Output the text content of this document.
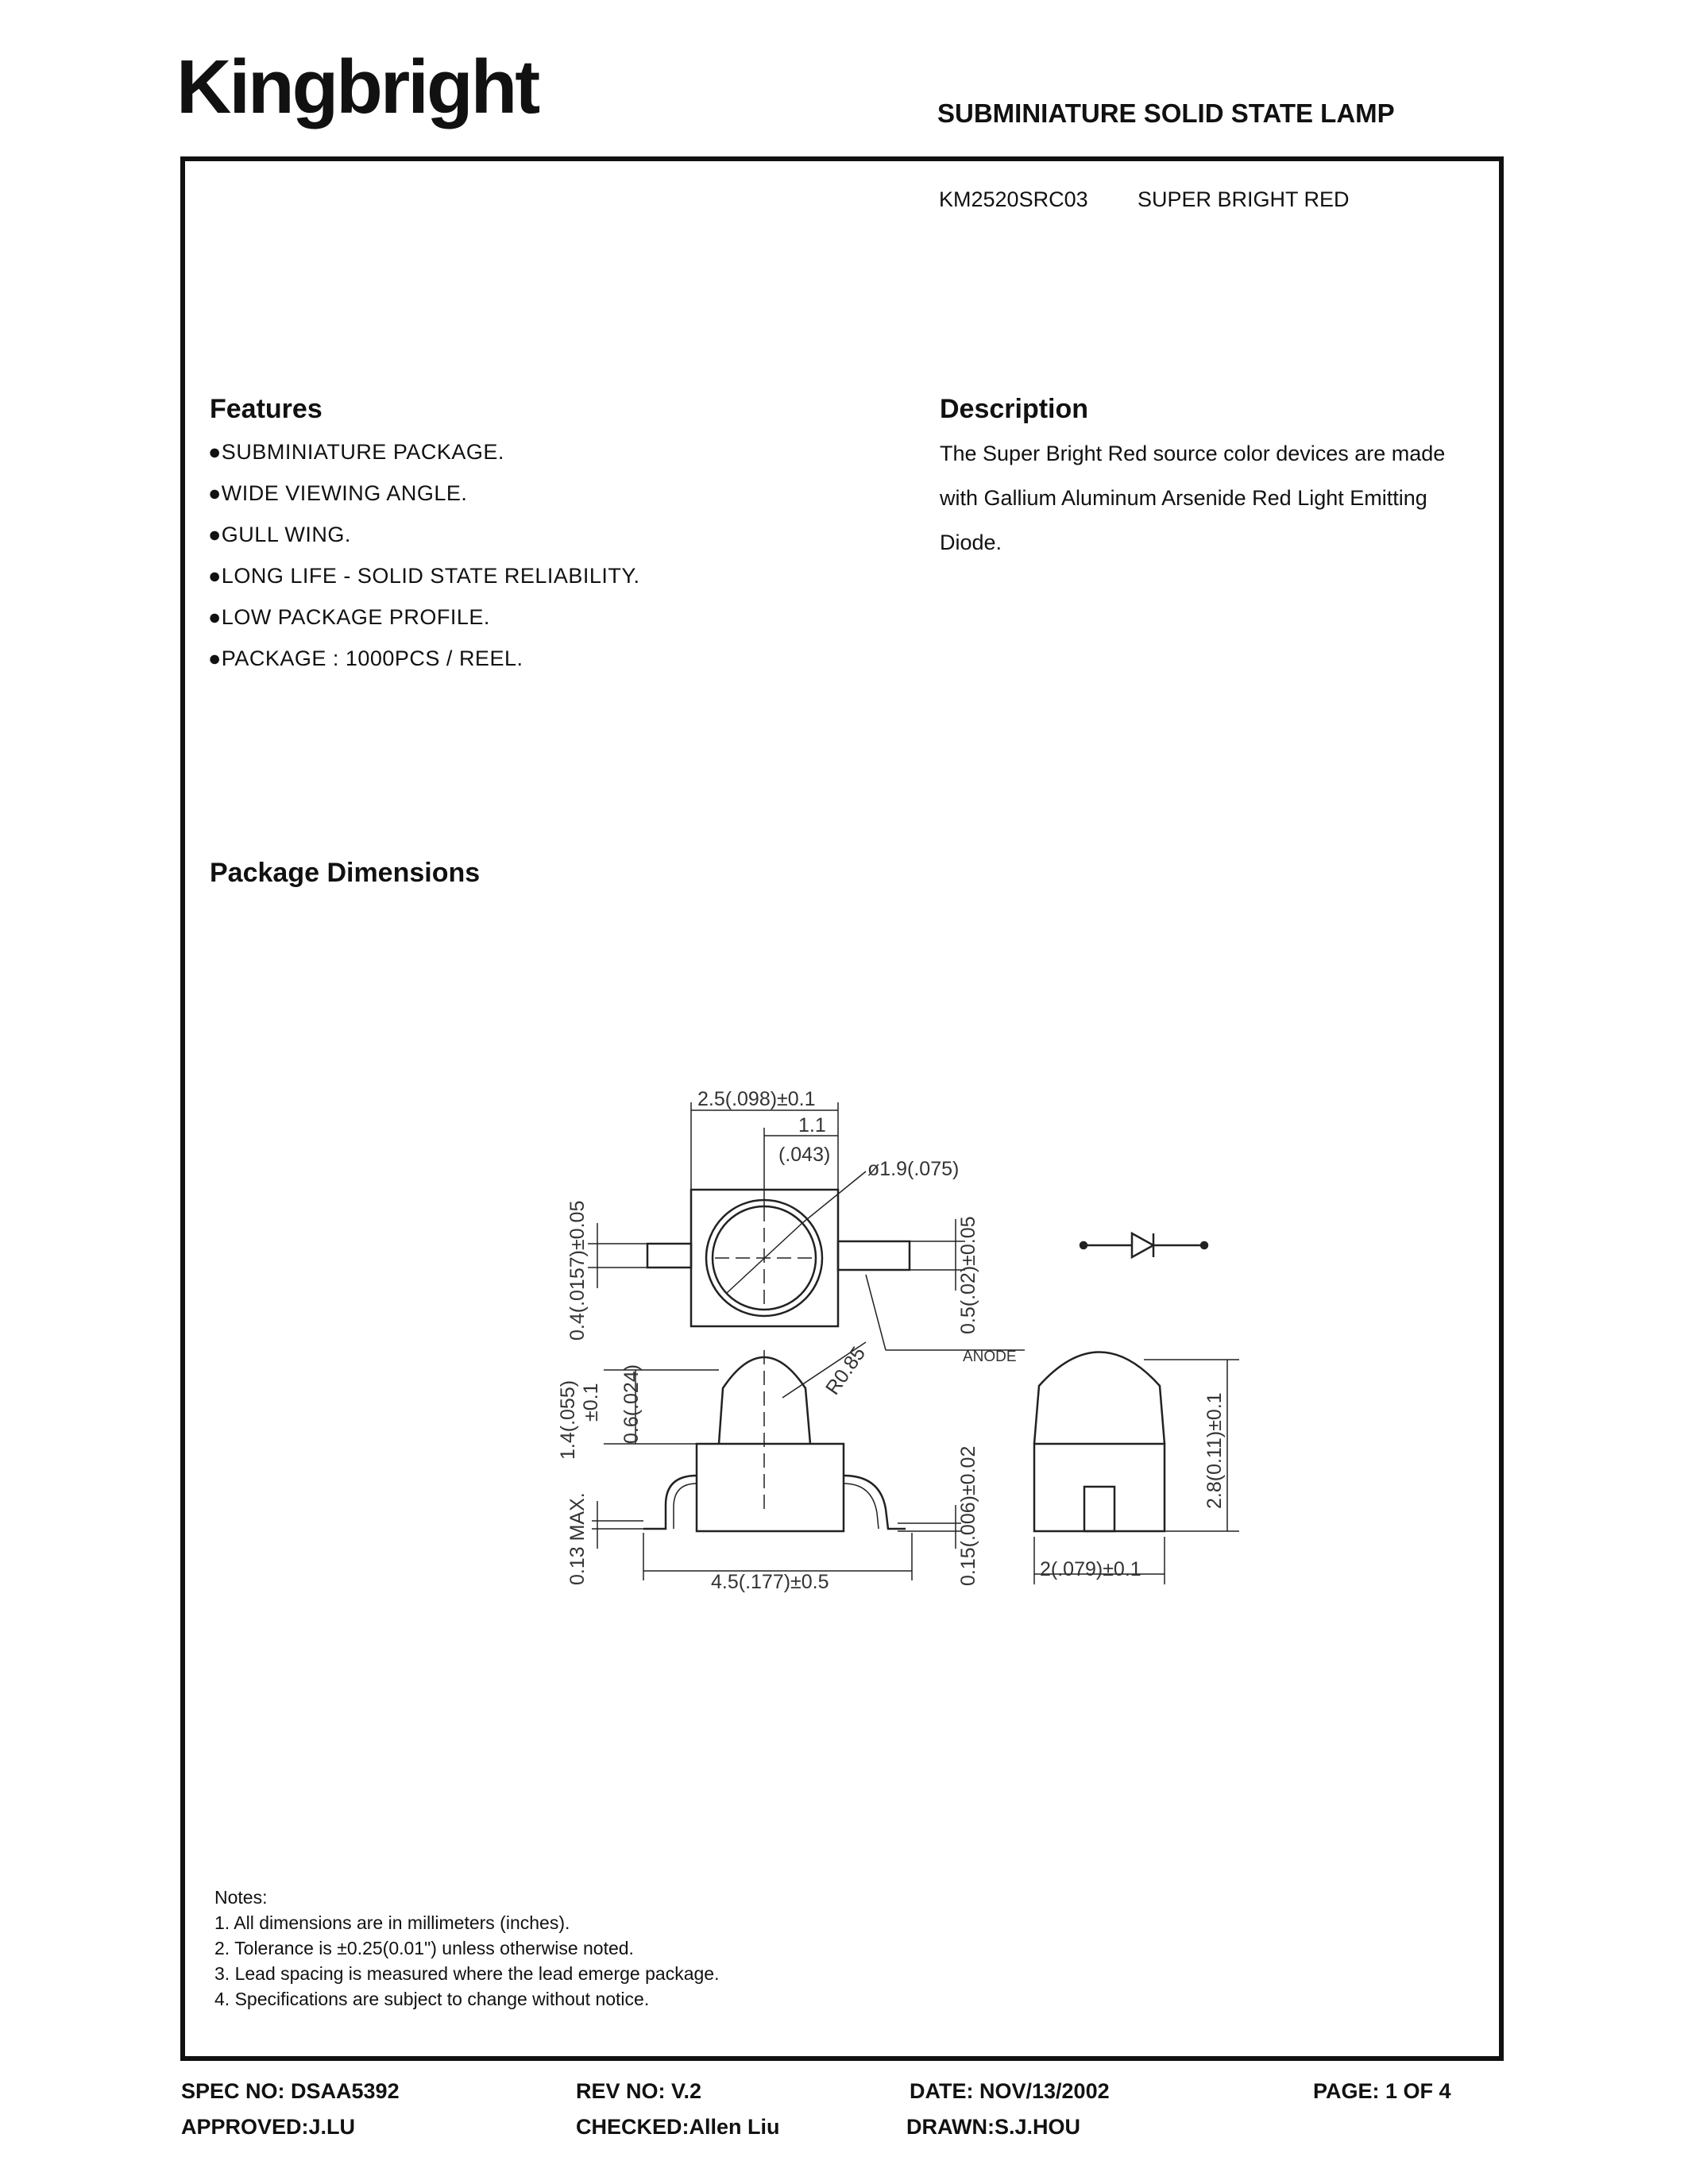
Kingbright	SUBMINIATURE SOLID STATE LAMP
KM2520SRC03 SUPER BRIGHT RED
Features
●SUBMINIATURE PACKAGE.
●WIDE VIEWING ANGLE.
●GULL WING.
●LONG LIFE - SOLID STATE RELIABILITY.
●LOW PACKAGE PROFILE.
●PACKAGE : 1000PCS / REEL.
Description
The Super Bright Red source color devices are made
with Gallium Aluminum Arsenide Red Light Emitting
Diode.
Package Dimensions
2.5(.098)±0.1
1.1
(.043)
ø1.9(.075)
ANODE
4.5(.177)±0.5
2(.079)±0.1
0.4(.0157)±0.05	0.5(.02)±0.05
R0.85
0.6(.024)
1.4(.055) ±0.1
0.13 MAX.	0.15(.006)±0.02	2.8(0.11)±0.1
Notes:
1. All dimensions are in millimeters (inches).
2. Tolerance is ±0.25(0.01") unless otherwise noted.
3. Lead spacing is measured where the lead emerge package.
4. Specifications are subject to change without notice.
SPEC NO: DSAA5392	REV NO: V.2	DATE: NOV/13/2002	PAGE: 1 OF 4
APPROVED:J.LU	CHECKED:Allen Liu	DRAWN:S.J.HOU
